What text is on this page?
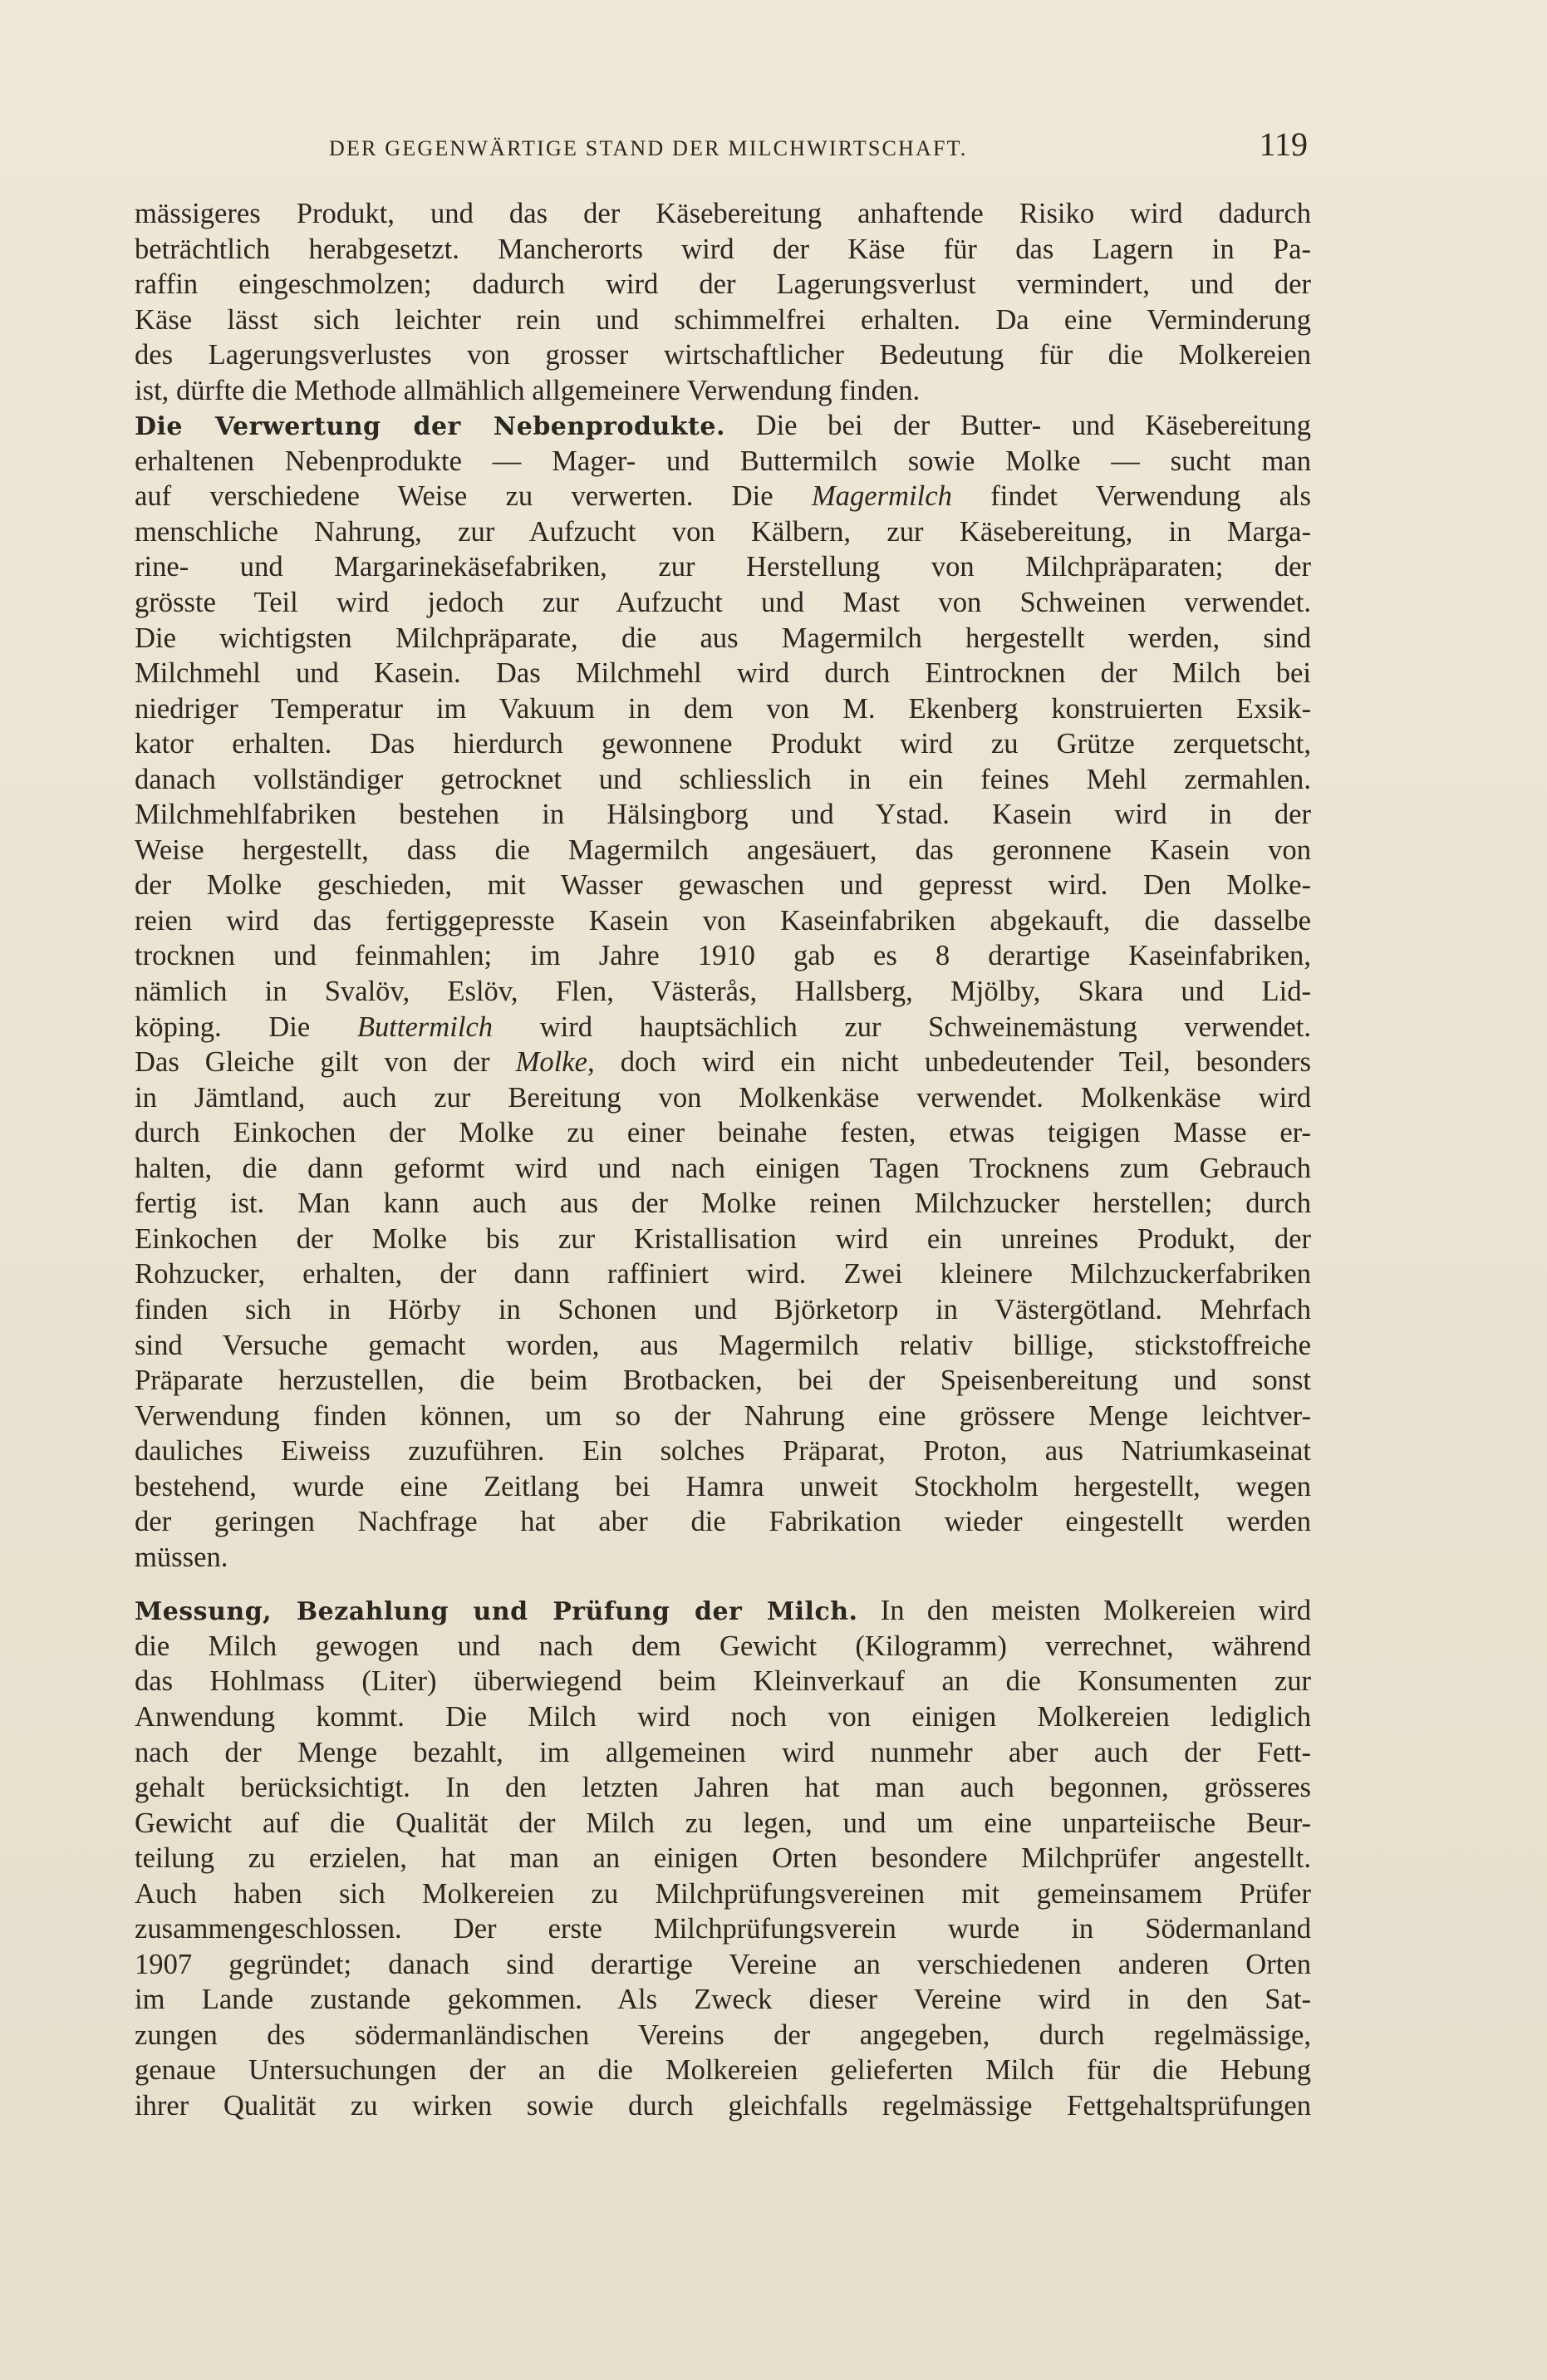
DER GEGENWÄRTIGE STAND DER MILCHWIRTSCHAFT.	119
mässigeres Produkt, und das der Käsebereitung anhaftende Risiko wird dadurch
beträchtlich herabgesetzt. Mancherorts wird der Käse für das Lagern in Pa-
raffin eingeschmolzen; dadurch wird der Lagerungsverlust vermindert, und der
Käse lässt sich leichter rein und schimmelfrei erhalten. Da eine Verminderung
des Lagerungsverlustes von grosser wirtschaftlicher Bedeutung für die Molkereien
ist, dürfte die Methode allmählich allgemeinere Verwendung finden.
Die Verwertung der Nebenprodukte. Die bei der Butter- und Käsebereitung
erhaltenen Nebenprodukte — Mager- und Buttermilch sowie Molke — sucht man
auf verschiedene Weise zu verwerten. Die Magermilch findet Verwendung als
menschliche Nahrung, zur Aufzucht von Kälbern, zur Käsebereitung, in Marga-
rine- und Margarinekäsefabriken, zur Herstellung von Milchpräparaten; der
grösste Teil wird jedoch zur Aufzucht und Mast von Schweinen verwendet.
Die wichtigsten Milchpräparate, die aus Magermilch hergestellt werden, sind
Milchmehl und Kasein. Das Milchmehl wird durch Eintrocknen der Milch bei
niedriger Temperatur im Vakuum in dem von M. Ekenberg konstruierten Exsik-
kator erhalten. Das hierdurch gewonnene Produkt wird zu Grütze zerquetscht,
danach vollständiger getrocknet und schliesslich in ein feines Mehl zermahlen.
Milchmehlfabriken bestehen in Hälsingborg und Ystad. Kasein wird in der
Weise hergestellt, dass die Magermilch angesäuert, das geronnene Kasein von
der Molke geschieden, mit Wasser gewaschen und gepresst wird. Den Molke-
reien wird das fertiggepresste Kasein von Kaseinfabriken abgekauft, die dasselbe
trocknen und feinmahlen; im Jahre 1910 gab es 8 derartige Kaseinfabriken,
nämlich in Svalöv, Eslöv, Flen, Västerås, Hallsberg, Mjölby, Skara und Lid-
köping. Die Buttermilch wird hauptsächlich zur Schweinemästung verwendet.
Das Gleiche gilt von der Molke, doch wird ein nicht unbedeutender Teil, besonders
in Jämtland, auch zur Bereitung von Molkenkäse verwendet. Molkenkäse wird
durch Einkochen der Molke zu einer beinahe festen, etwas teigigen Masse er-
halten, die dann geformt wird und nach einigen Tagen Trocknens zum Gebrauch
fertig ist. Man kann auch aus der Molke reinen Milchzucker herstellen; durch
Einkochen der Molke bis zur Kristallisation wird ein unreines Produkt, der
Rohzucker, erhalten, der dann raffiniert wird. Zwei kleinere Milchzuckerfabriken
finden sich in Hörby in Schonen und Björketorp in Västergötland. Mehrfach
sind Versuche gemacht worden, aus Magermilch relativ billige, stickstoffreiche
Präparate herzustellen, die beim Brotbacken, bei der Speisenbereitung und sonst
Verwendung finden können, um so der Nahrung eine grössere Menge leichtver-
dauliches Eiweiss zuzuführen. Ein solches Präparat, Proton, aus Natriumkaseinat
bestehend, wurde eine Zeitlang bei Hamra unweit Stockholm hergestellt, wegen
der geringen Nachfrage hat aber die Fabrikation wieder eingestellt werden
müssen.
Messung, Bezahlung und Prüfung der Milch. In den meisten Molkereien wird
die Milch gewogen und nach dem Gewicht (Kilogramm) verrechnet, während
das Hohlmass (Liter) überwiegend beim Kleinverkauf an die Konsumenten zur
Anwendung kommt. Die Milch wird noch von einigen Molkereien lediglich
nach der Menge bezahlt, im allgemeinen wird nunmehr aber auch der Fett-
gehalt berücksichtigt. In den letzten Jahren hat man auch begonnen, grösseres
Gewicht auf die Qualität der Milch zu legen, und um eine unparteiische Beur-
teilung zu erzielen, hat man an einigen Orten besondere Milchprüfer angestellt.
Auch haben sich Molkereien zu Milchprüfungsvereinen mit gemeinsamem Prüfer
zusammengeschlossen. Der erste Milchprüfungsverein wurde in Södermanland
1907 gegründet; danach sind derartige Vereine an verschiedenen anderen Orten
im Lande zustande gekommen. Als Zweck dieser Vereine wird in den Sat-
zungen des södermanländischen Vereins der angegeben, durch regelmässige,
genaue Untersuchungen der an die Molkereien gelieferten Milch für die Hebung
ihrer Qualität zu wirken sowie durch gleichfalls regelmässige Fettgehaltsprüfungen
